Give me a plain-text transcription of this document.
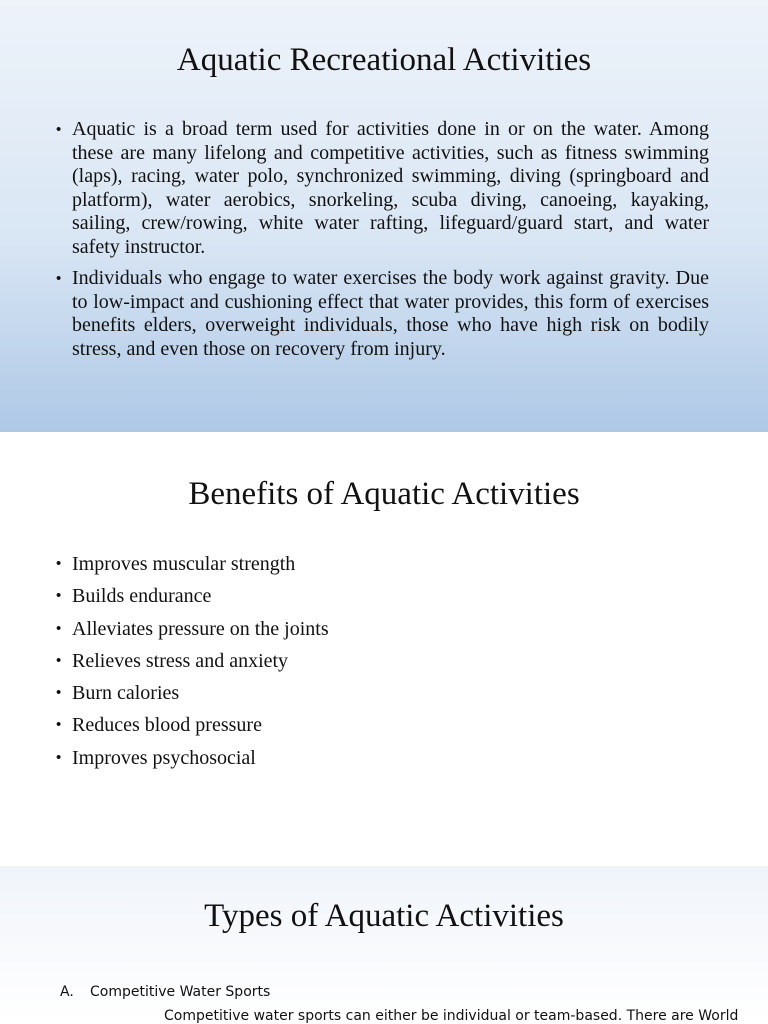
Aquatic Recreational Activities
• Aquatic is a broad term used for activities done in or on the water. Among these are many lifelong and competitive activities, such as fitness swimming (laps), racing, water polo, synchronized swimming, diving (springboard and platform), water aerobics, snorkeling, scuba diving, canoeing, kayaking, sailing, crew/rowing, white water rafting, lifeguard/guard start, and water safety instructor.
• Individuals who engage to water exercises the body work against gravity. Due to low-impact and cushioning effect that water provides, this form of exercises benefits elders, overweight individuals, those who have high risk on bodily stress, and even those on recovery from injury.
Benefits of Aquatic Activities
• Improves muscular strength
• Builds endurance
• Alleviates pressure on the joints
• Relieves stress and anxiety
• Burn calories
• Reduces blood pressure
• Improves psychosocial
Types of Aquatic Activities
A. Competitive Water Sports
Competitive water sports can either be individual or team-based. There are World
